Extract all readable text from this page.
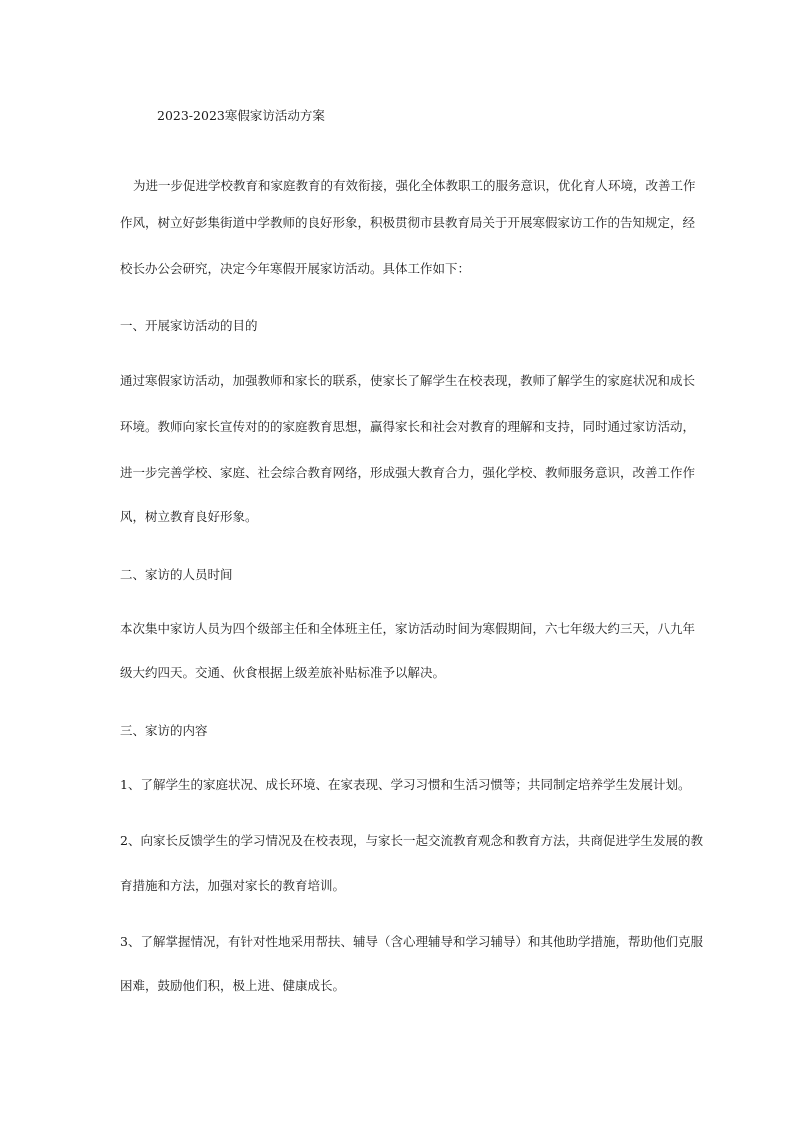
2023-2023寒假家访活动方案
为进一步促进学校教育和家庭教育的有效衔接，强化全体教职工的服务意识，优化育人环境，改善工作
作风，树立好彭集街道中学教师的良好形象，积极贯彻市县教育局关于开展寒假家访工作的告知规定，经
校长办公会研究，决定今年寒假开展家访活动。具体工作如下：
一、开展家访活动的目的
通过寒假家访活动，加强教师和家长的联系，使家长了解学生在校表现，教师了解学生的家庭状况和成长
环境。教师向家长宣传对的的家庭教育思想，赢得家长和社会对教育的理解和支持，同时通过家访活动，
进一步完善学校、家庭、社会综合教育网络，形成强大教育合力，强化学校、教师服务意识，改善工作作
风，树立教育良好形象。
二、家访的人员时间
本次集中家访人员为四个级部主任和全体班主任，家访活动时间为寒假期间，六七年级大约三天，八九年
级大约四天。交通、伙食根据上级差旅补贴标准予以解决。
三、家访的内容
1、了解学生的家庭状况、成长环境、在家表现、学习习惯和生活习惯等；共同制定培养学生发展计划。
2、向家长反馈学生的学习情况及在校表现，与家长一起交流教育观念和教育方法，共商促进学生发展的教
育措施和方法，加强对家长的教育培训。
3、了解掌握情况，有针对性地采用帮扶、辅导（含心理辅导和学习辅导）和其他助学措施，帮助他们克服
困难，鼓励他们积，极上进、健康成长。
